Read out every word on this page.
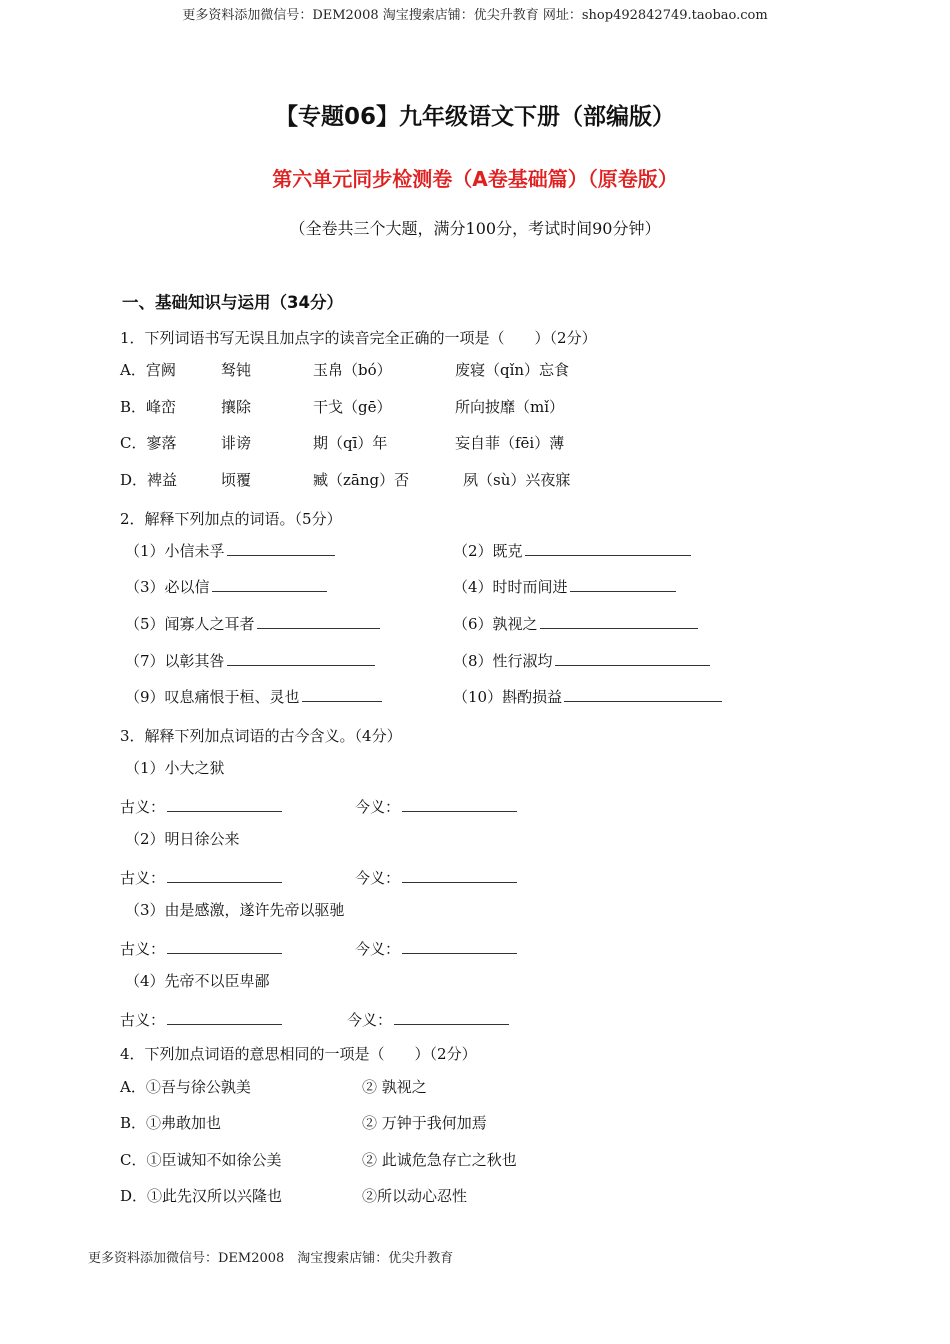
更多资料添加微信号：DEM2008 淘宝搜索店铺：优尖升教育 网址：shop492842749.taobao.com
【专题06】九年级语文下册（部编版）
第六单元同步检测卷（A卷基础篇）（原卷版）
（全卷共三个大题，满分100分，考试时间90分钟）
一、基础知识与运用（34分）
1．下列词语书写无误且加点字的读音完全正确的一项是（　　）（2分）
A．宫阙	驽钝	玉帛（bó）	废寝（qǐn）忘食
B．峰峦	攘除	干戈（gē）	所向披靡（mǐ）
C．寥落	诽谤	期（qī）年	妄自菲（fēi）薄
D．裨益	顷覆	臧（zāng）否	夙（sù）兴夜寐
2．解释下列加点的词语。（5分）
（1）小信未孚	（2）既克
（3）必以信	（4）时时而间进
（5）闻寡人之耳者	（6）孰视之
（7）以彰其咎	（8）性行淑均
（9）叹息痛恨于桓、灵也	（10）斟酌损益
3．解释下列加点词语的古今含义。（4分）
（1）小大之狱
古义：	今义：
（2）明日徐公来
古义：	今义：
（3）由是感激，遂许先帝以驱驰
古义：	今义：
（4）先帝不以臣卑鄙
古义：	今义：
4．下列加点词语的意思相同的一项是（　　）（2分）
A．①吾与徐公孰美	② 孰视之
B．①弗敢加也	② 万钟于我何加焉
C．①臣诚知不如徐公美	② 此诚危急存亡之秋也
D．①此先汉所以兴隆也	②所以动心忍性
更多资料添加微信号：DEM2008　淘宝搜索店铺：优尖升教育
